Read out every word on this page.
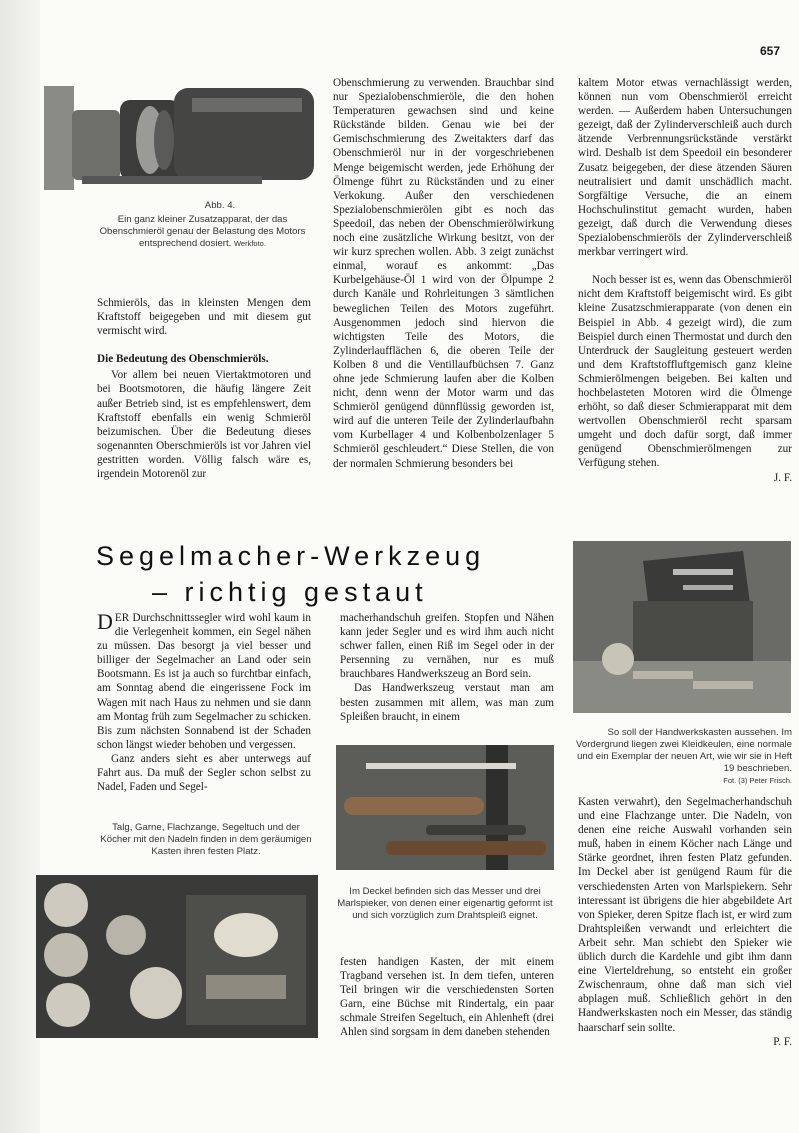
657
Abb. 4.
Ein ganz kleiner Zusatzapparat, der das Obenschmieröl genau der Belastung des Motors entsprechend dosiert. Werkfoto.

Schmieröls, das in kleinsten Mengen dem Kraftstoff beigegeben und mit diesem gut vermischt wird.

Die Bedeutung des Obenschmieröls.

Vor allem bei neuen Viertaktmotoren und bei Bootsmotoren, die häufig längere Zeit außer Betrieb sind, ist es empfehlenswert, dem Kraftstoff ebenfalls ein wenig Schmieröl beizumischen. Über die Bedeutung dieses sogenannten Oberschmieröls ist vor Jahren viel gestritten worden. Völlig falsch wäre es, irgendein Motorenöl zur

Obenschmierung zu verwenden. Brauchbar sind nur Spezialobenschmieröle, die den hohen Temperaturen gewachsen sind und keine Rückstände bilden. Genau wie bei der Gemischschmierung des Zweitakters darf das Obenschmieröl nur in der vorgeschriebenen Menge beigemischt werden, jede Erhöhung der Ölmenge führt zu Rückständen und zu einer Verkokung. Außer den verschiedenen Spezialobenschmierölen gibt es noch das Speedoil, das neben der Obenschmierölwirkung noch eine zusätzliche Wirkung besitzt, von der wir kurz sprechen wollen. Abb. 3 zeigt zunächst einmal, worauf es ankommt: „Das Kurbelgehäuse-Öl 1 wird von der Ölpumpe 2 durch Kanäle und Rohrleitungen 3 sämtlichen beweglichen Teilen des Motors zugeführt. Ausgenommen jedoch sind hiervon die wichtigsten Teile des Motors, die Zylinderlaufflächen 6, die oberen Teile der Kolben 8 und die Ventillaufbüchsen 7. Ganz ohne jede Schmierung laufen aber die Kolben nicht, denn wenn der Motor warm und das Schmieröl genügend dünnflüssig geworden ist, wird auf die unteren Teile der Zylinderlaufbahn vom Kurbellager 4 und Kolbenbolzenlager 5 Schmieröl geschleudert.“ Diese Stellen, die von der normalen Schmierung besonders bei

kaltem Motor etwas vernachlässigt werden, können nun vom Obenschmieröl erreicht werden. — Außerdem haben Untersuchungen gezeigt, daß der Zylinderverschleiß auch durch ätzende Verbrennungsrückstände verstärkt wird. Deshalb ist dem Speedoil ein besonderer Zusatz beigegeben, der diese ätzenden Säuren neutralisiert und damit unschädlich macht. Sorgfältige Versuche, die an einem Hochschulinstitut gemacht wurden, haben gezeigt, daß durch die Verwendung dieses Spezialobenschmieröls der Zylinderverschleiß merkbar verringert wird.

Noch besser ist es, wenn das Obenschmieröl nicht dem Kraftstoff beigemischt wird. Es gibt kleine Zusatzschmierapparate (von denen ein Beispiel in Abb. 4 gezeigt wird), die zum Beispiel durch einen Thermostat und durch den Unterdruck der Saugleitung gesteuert werden und dem Kraftstoffluftgemisch ganz kleine Schmierölmengen beigeben. Bei kalten und hochbelasteten Motoren wird die Ölmenge erhöht, so daß dieser Schmierapparat mit dem wertvollen Obenschmieröl recht sparsam umgeht und doch dafür sorgt, daß immer genügend Obenschmierölmengen zur Verfügung stehen.

J. F.
Segelmacher-Werkzeug
– richtig gestaut
So soll der Handwerkskasten aussehen. Im Vordergrund liegen zwei Kleidkeulen, eine normale und ein Exemplar der neuen Art, wie wir sie in Heft 19 beschrieben.
Fot. (3) Peter Frisch.

DER Durchschnittssegler wird wohl kaum in die Verlegenheit kommen, ein Segel nähen zu müssen. Das besorgt ja viel besser und billiger der Segelmacher an Land oder sein Bootsmann. Es ist ja auch so furchtbar einfach, am Sonntag abend die eingerissene Fock im Wagen mit nach Haus zu nehmen und sie dann am Montag früh zum Segelmacher zu schicken. Bis zum nächsten Sonnabend ist der Schaden schon längst wieder behoben und vergessen.

Ganz anders sieht es aber unterwegs auf Fahrt aus. Da muß der Segler schon selbst zu Nadel, Faden und Segel-

Talg, Garne, Flachzange, Segeltuch und der Köcher mit den Nadeln finden in dem geräumigen Kasten ihren festen Platz.

macherhandschuh greifen. Stopfen und Nähen kann jeder Segler und es wird ihm auch nicht schwer fallen, einen Riß im Segel oder in der Persenning zu vernähen, nur es muß brauchbares Handwerkszeug an Bord sein.

Das Handwerkszeug verstaut man am besten zusammen mit allem, was man zum Spleißen braucht, in einem

Im Deckel befinden sich das Messer und drei Marlspieker, von denen einer eigenartig geformt ist und sich vorzüglich zum Drahtspleiß eignet.

festen handigen Kasten, der mit einem Tragband versehen ist. In dem tiefen, unteren Teil bringen wir die verschiedensten Sorten Garn, eine Büchse mit Rindertalg, ein paar schmale Streifen Segeltuch, ein Ahlenheft (drei Ahlen sind sorgsam in dem daneben stehenden

Kasten verwahrt), den Segelmacherhandschuh und eine Flachzange unter. Die Nadeln, von denen eine reiche Auswahl vorhanden sein muß, haben in einem Köcher nach Länge und Stärke geordnet, ihren festen Platz gefunden. Im Deckel aber ist genügend Raum für die verschiedensten Arten von Marlspiekern. Sehr interessant ist übrigens die hier abgebildete Art von Spieker, deren Spitze flach ist, er wird zum Drahtspleißen verwandt und erleichtert die Arbeit sehr. Man schiebt den Spieker wie üblich durch die Kardehle und gibt ihm dann eine Vierteldrehung, so entsteht ein großer Zwischenraum, ohne daß man sich viel abplagen muß. Schließlich gehört in den Handwerkskasten noch ein Messer, das ständig haarscharf sein sollte.

P. F.
